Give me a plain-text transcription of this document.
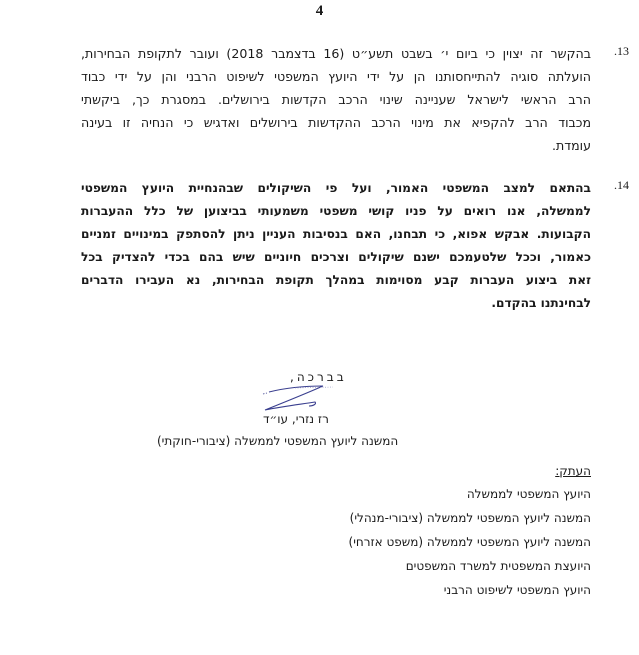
4
.13
בהקשר זה יצוין כי ביום י׳ בשבט תשע״ט (16 בדצמבר 2018) ועובר לתקופת הבחירות,
הועלתה סוגיה להתייחסותנו הן על ידי היועץ המשפטי לשיפוט הרבני והן על ידי כבוד
הרב הראשי לישראל שעניינה שינוי הרכב הקדשות בירושלים. במסגרת כך, ביקשתי
מכבוד הרב להקפיא את מינוי הרכב ההקדשות בירושלים ואדגיש כי הנחיה זו בעינה
עומדת.
.14
בהתאם למצב המשפטי האמור, ועל פי השיקולים שבהנחיית היועץ המשפטי
לממשלה, אנו רואים על פניו קושי משפטי משמעותי בביצוען של כלל ההעברות
הקבועות. אבקש אפוא, כי תבחנו, האם בנסיבות העניין ניתן להסתפק במינויים זמניים
כאמור, וככל שלטעמכם ישנם שיקולים וצרכים חיוניים שיש בהם בכדי להצדיק בכל
זאת ביצוע העברות קבע מסוימות במהלך תקופת הבחירות, נא העבירו הדברים
לבחינתנו בהקדם.
בברכה,
רז נזרי, עו״ד
המשנה ליועץ המשפטי לממשלה (ציבורי-חוקתי)
העתק:
היועץ המשפטי לממשלה
המשנה ליועץ המשפטי לממשלה (ציבורי-מנהלי)
המשנה ליועץ המשפטי לממשלה (משפט אזרחי)
היועצת המשפטית למשרד המשפטים
היועץ המשפטי לשיפוט הרבני
